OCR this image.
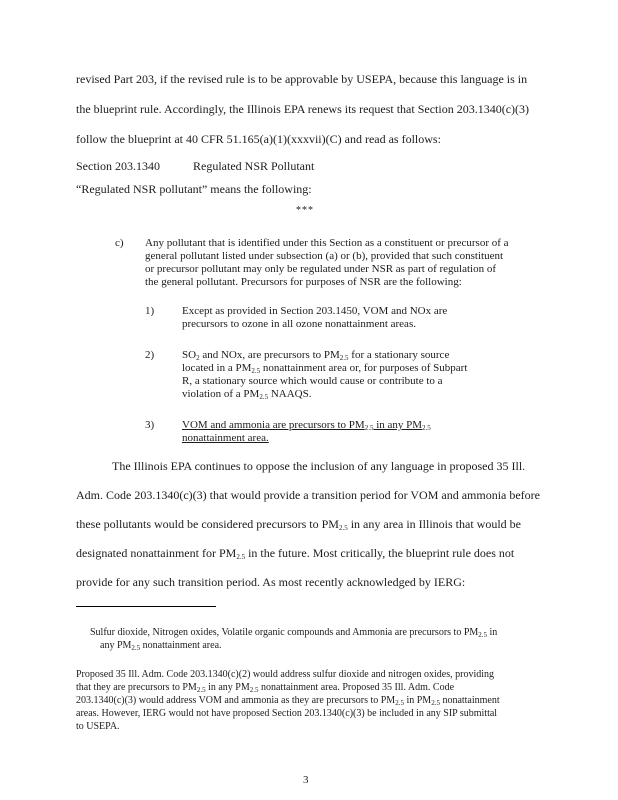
revised Part 203, if the revised rule is to be approvable by USEPA, because this language is in
the blueprint rule. Accordingly, the Illinois EPA renews its request that Section 203.1340(c)(3)
follow the blueprint at 40 CFR 51.165(a)(1)(xxxvii)(C) and read as follows:
Section 203.1340	Regulated NSR Pollutant
“Regulated NSR pollutant” means the following:
***
c) Any pollutant that is identified under this Section as a constituent or precursor of a
general pollutant listed under subsection (a) or (b), provided that such constituent
or precursor pollutant may only be regulated under NSR as part of regulation of
the general pollutant. Precursors for purposes of NSR are the following:
1)	Except as provided in Section 203.1450, VOM and NOx are
precursors to ozone in all ozone nonattainment areas.
2)	$SO_2$ and NOx, are precursors to $PM_{2.5}$ for a stationary source
located in a $PM_{2.5}$ nonattainment area or, for purposes of Subpart
R, a stationary source which would cause or contribute to a
violation of a $PM_{2.5}$ NAAQS.
3)	VOM and ammonia are precursors to $PM_{2.5}$ in any $PM_{2.5}$
nonattainment area.
The Illinois EPA continues to oppose the inclusion of any language in proposed 35 Ill.
Adm. Code 203.1340(c)(3) that would provide a transition period for VOM and ammonia before
these pollutants would be considered precursors to $PM_{2.5}$ in any area in Illinois that would be
designated nonattainment for $PM_{2.5}$ in the future. Most critically, the blueprint rule does not
provide for any such transition period. As most recently acknowledged by IERG:
Sulfur dioxide, Nitrogen oxides, Volatile organic compounds and Ammonia are precursors to $PM_{2.5}$ in
any $PM_{2.5}$ nonattainment area.
Proposed 35 Ill. Adm. Code 203.1340(c)(2) would address sulfur dioxide and nitrogen oxides, providing
that they are precursors to $PM_{2.5}$ in any $PM_{2.5}$ nonattainment area. Proposed 35 Ill. Adm. Code
203.1340(c)(3) would address VOM and ammonia as they are precursors to $PM_{2.5}$ in $PM_{2.5}$ nonattainment
areas. However, IERG would not have proposed Section 203.1340(c)(3) be included in any SIP submittal
to USEPA.
3
